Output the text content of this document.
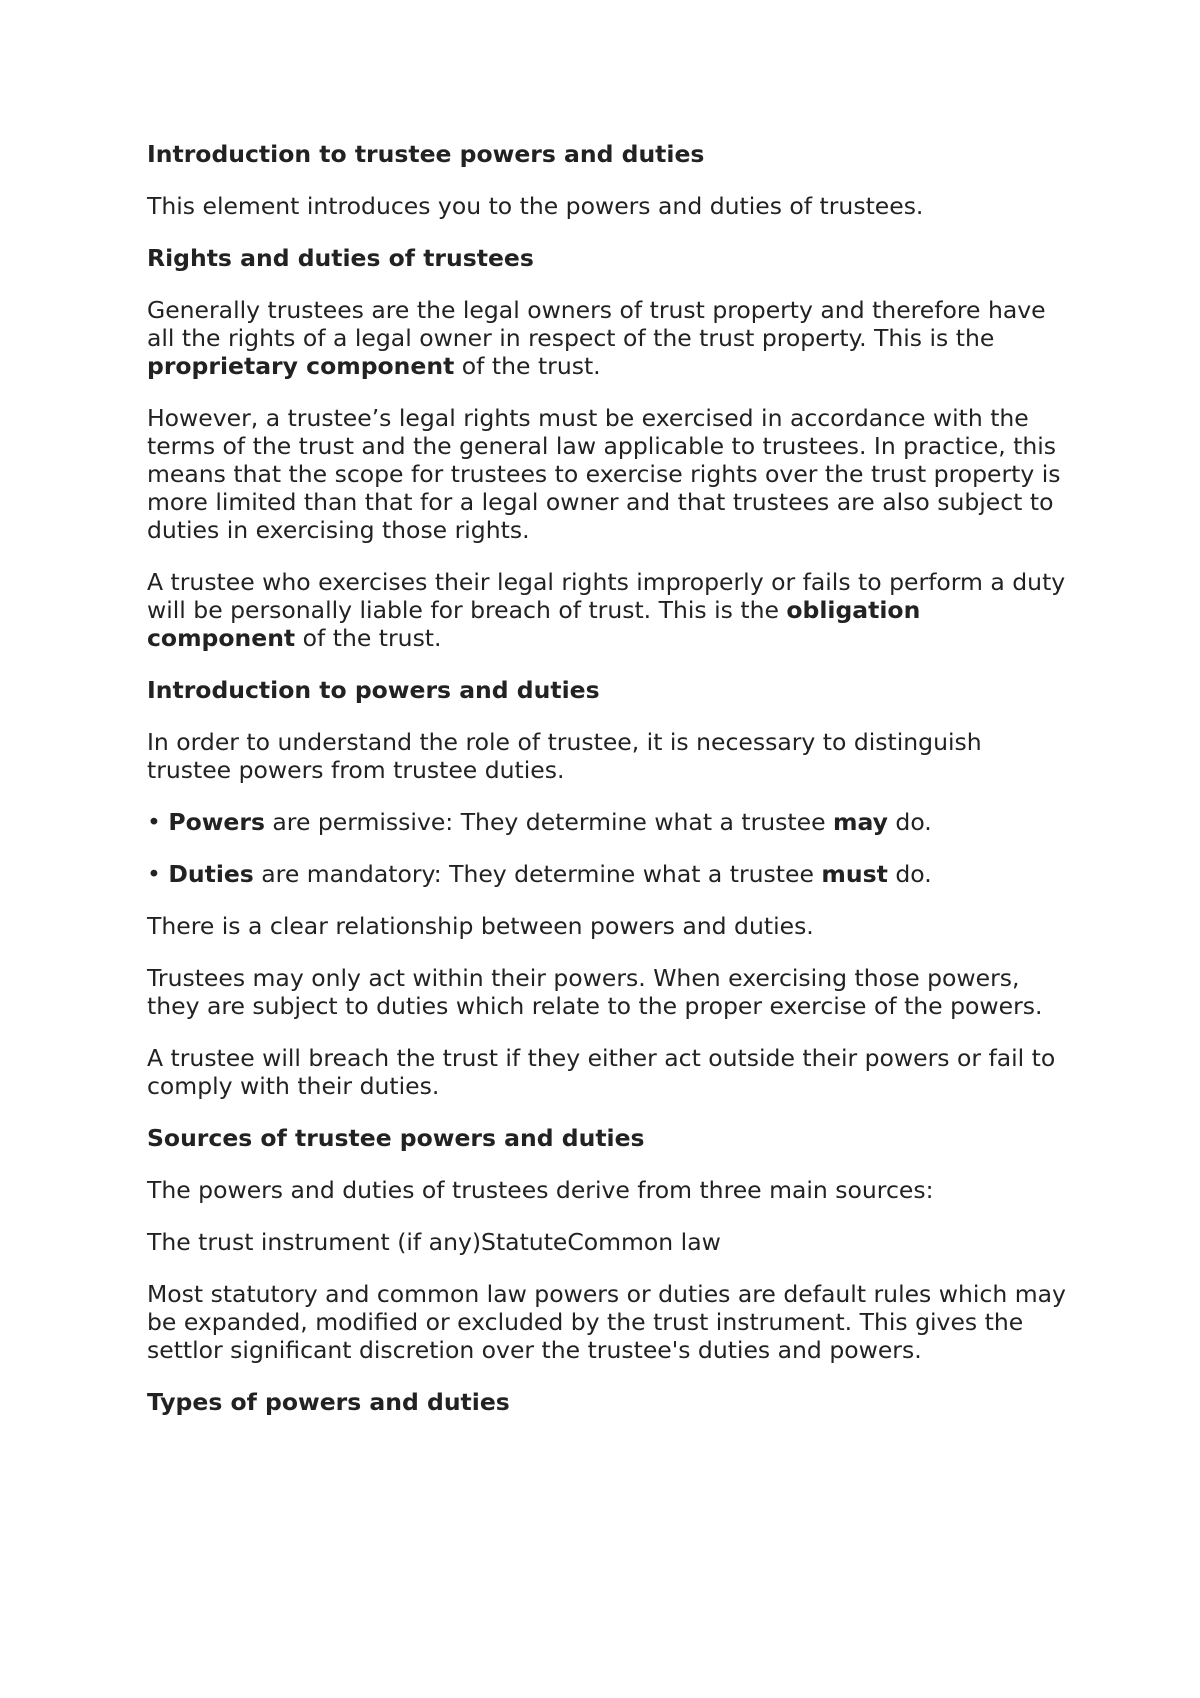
Introduction to trustee powers and duties

This element introduces you to the powers and duties of trustees.

Rights and duties of trustees

Generally trustees are the legal owners of trust property and therefore have all the rights of a legal owner in respect of the trust property. This is the proprietary component of the trust.

However, a trustee’s legal rights must be exercised in accordance with the terms of the trust and the general law applicable to trustees. In practice, this means that the scope for trustees to exercise rights over the trust property is more limited than that for a legal owner and that trustees are also subject to duties in exercising those rights.

A trustee who exercises their legal rights improperly or fails to perform a duty will be personally liable for breach of trust. This is the obligation component of the trust.

Introduction to powers and duties

In order to understand the role of trustee, it is necessary to distinguish trustee powers from trustee duties.

• Powers are permissive: They determine what a trustee may do.

• Duties are mandatory: They determine what a trustee must do.

There is a clear relationship between powers and duties.

Trustees may only act within their powers. When exercising those powers, they are subject to duties which relate to the proper exercise of the powers.

A trustee will breach the trust if they either act outside their powers or fail to comply with their duties.

Sources of trustee powers and duties

The powers and duties of trustees derive from three main sources:

The trust instrument (if any)StatuteCommon law

Most statutory and common law powers or duties are default rules which may be expanded, modified or excluded by the trust instrument. This gives the settlor significant discretion over the trustee's duties and powers.

Types of powers and duties
